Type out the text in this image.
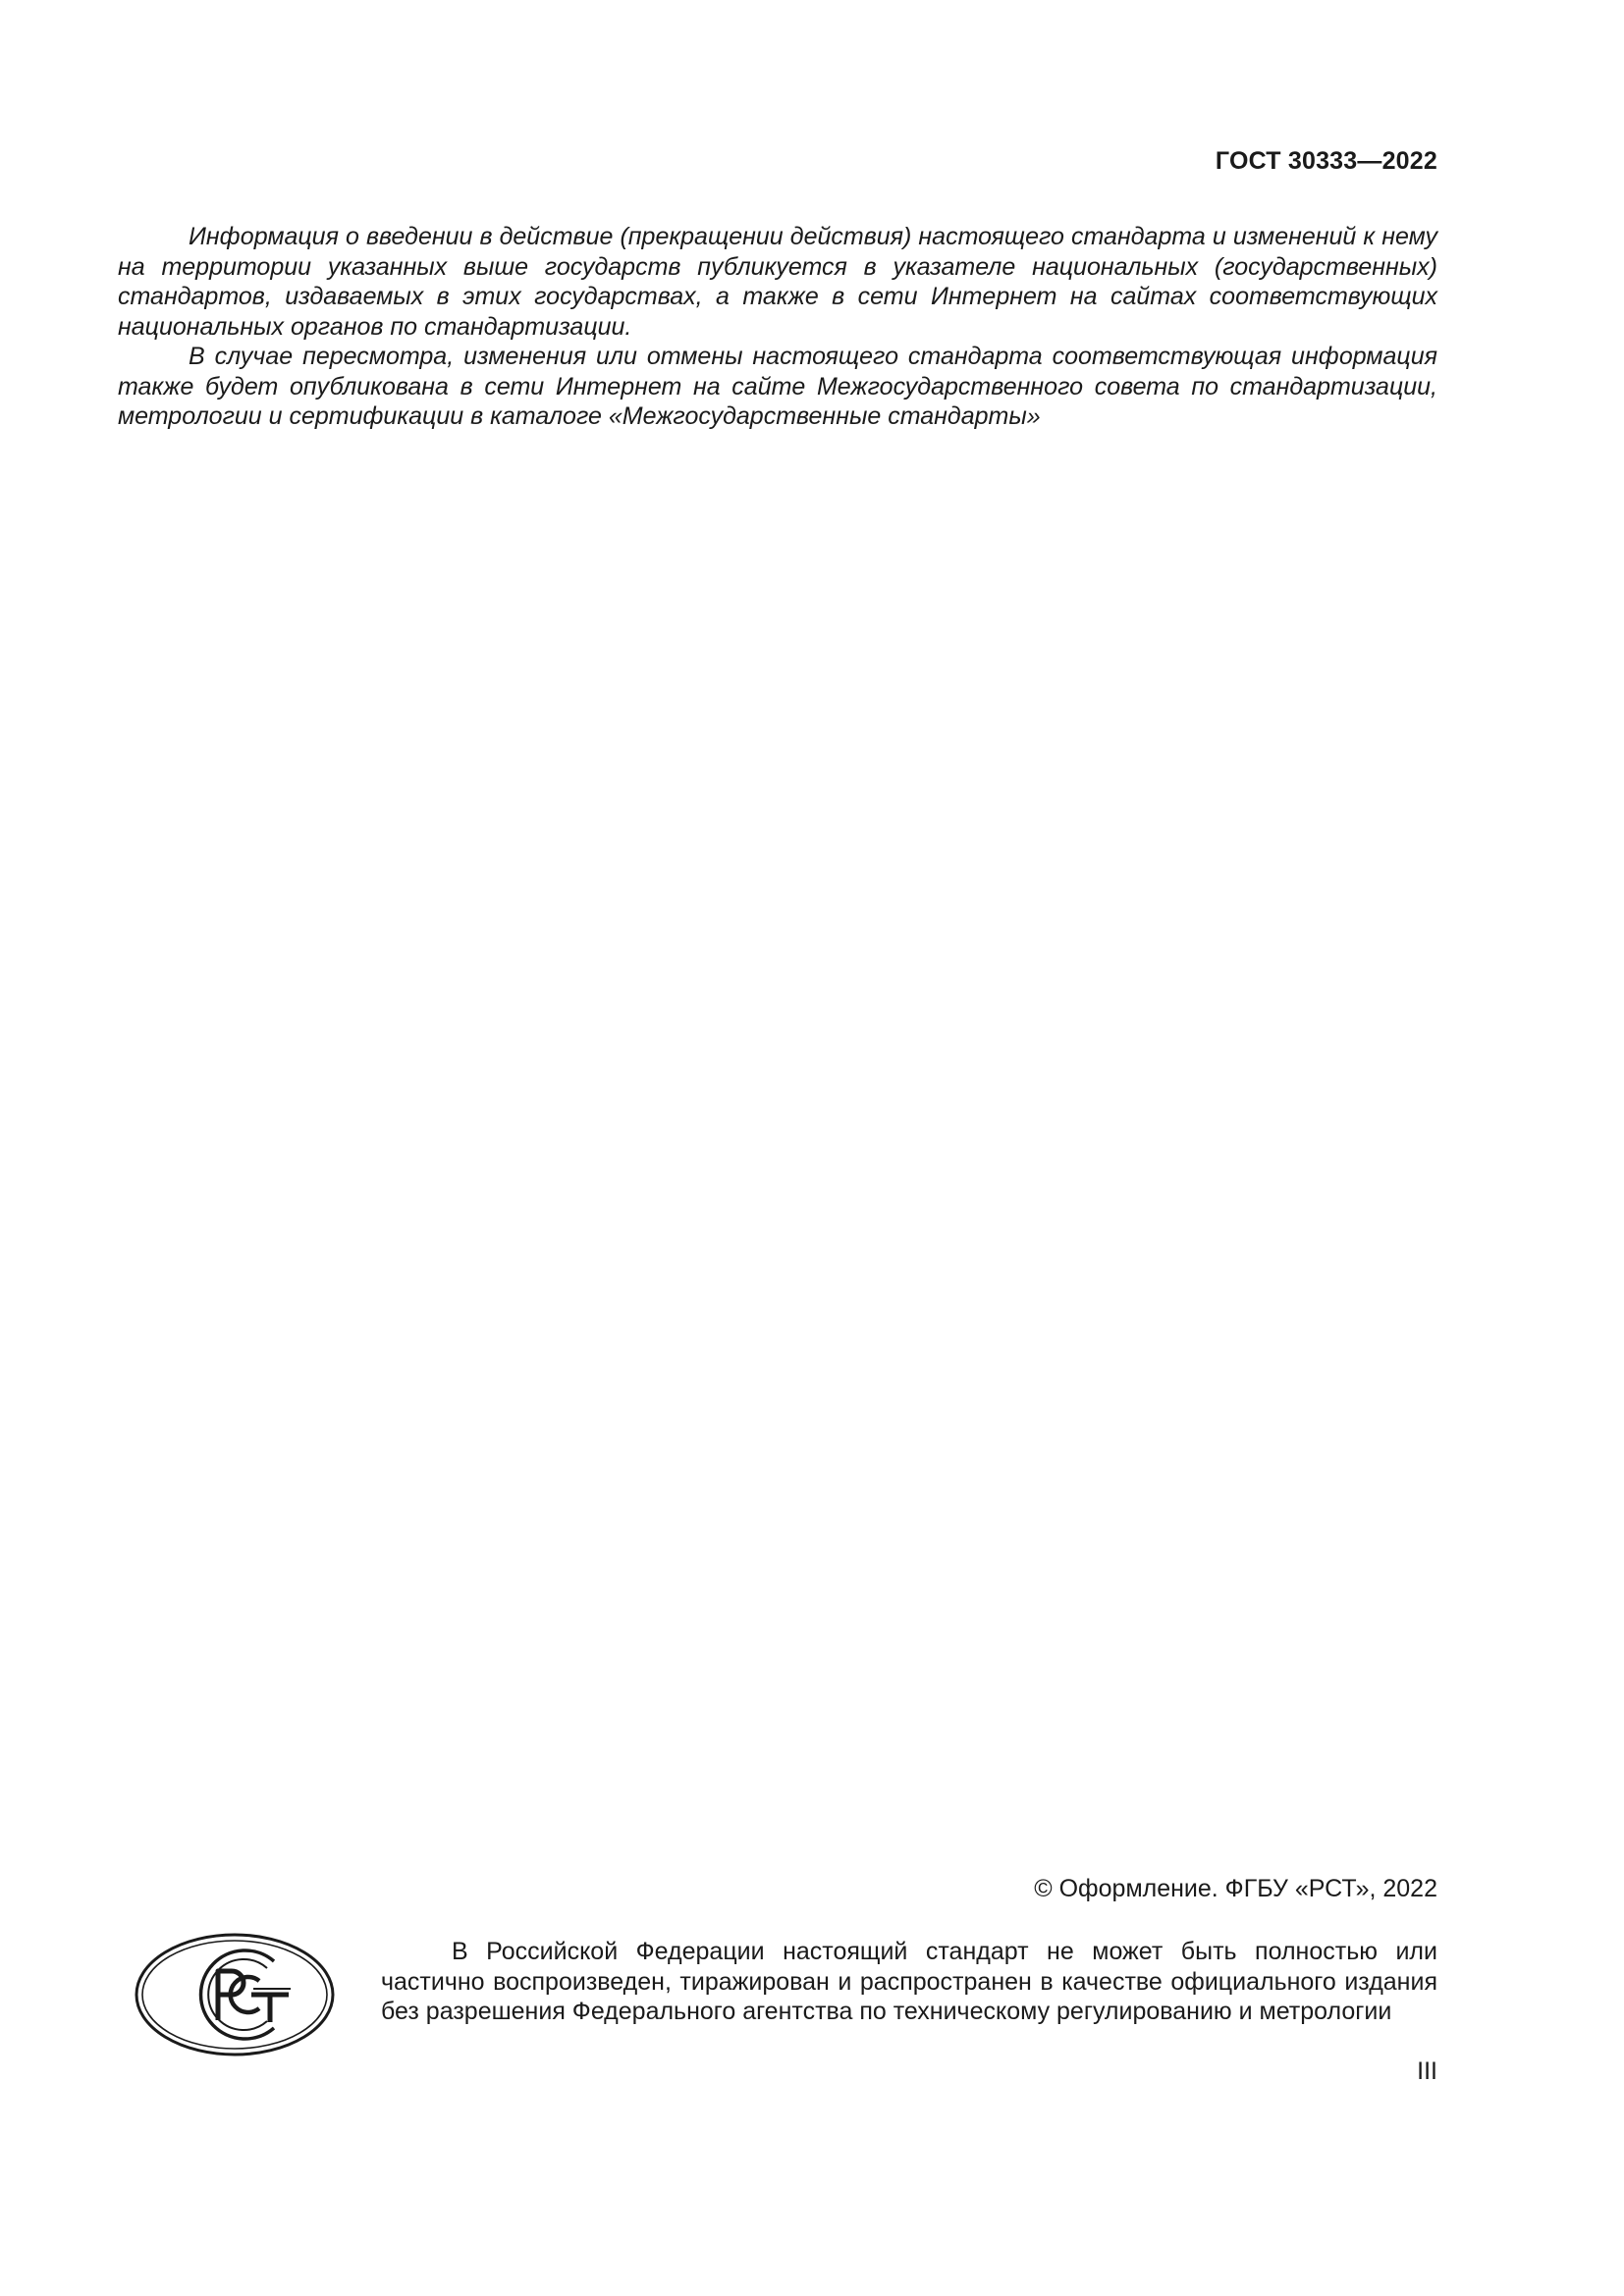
ГОСТ 30333—2022

Информация о введении в действие (прекращении действия) настоящего стандарта и изменений к нему на территории указанных выше государств публикуется в указателе национальных (государственных) стандартов, издаваемых в этих государствах, а также в сети Интернет на сайтах соответствующих национальных органов по стандартизации.

В случае пересмотра, изменения или отмены настоящего стандарта соответствующая информация также будет опубликована в сети Интернет на сайте Межгосударственного совета по стандартизации, метрологии и сертификации в каталоге «Межгосударственные стандарты»

© Оформление. ФГБУ «РСТ», 2022

В Российской Федерации настоящий стандарт не может быть полностью или частично воспроизведен, тиражирован и распространен в качестве официального издания без разрешения Федерального агентства по техническому регулированию и метрологии

III
